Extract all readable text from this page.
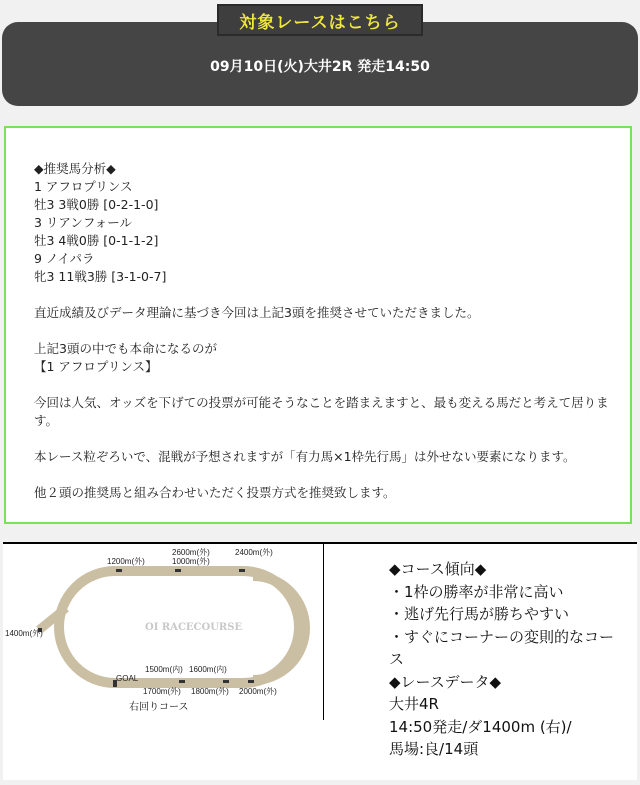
対象レースはこちら
09月10日(火)大井2R 発走14:50
◆推奨馬分析◆
1 アフロプリンス
牡3 3戦0勝 [0-2-1-0]
3 リアンフォール
牡3 4戦0勝 [0-1-1-2]
9 ノイパラ
牝3 11戦3勝 [3-1-0-7]
直近成績及びデータ理論に基づき今回は上記3頭を推奨させていただきました。
上記3頭の中でも本命になるのが
【1 アフロプリンス】
今回は人気、オッズを下げての投票が可能そうなことを踏まえますと、最も変える馬だと考えて居ります。
本レース粒ぞろいで、混戦が予想されますが「有力馬×1枠先行馬」は外せない要素になります。
他２頭の推奨馬と組み合わせいただく投票方式を推奨致します。
1200m(外)
2600m(外)
1000m(外)
2400m(外)
1400m(外)
1500m(内) 1600m(内)
GOAL
1700m(外) 1800m(外) 2000m(外)
OI RACECOURSE
右回りコース
◆コース傾向◆
・1枠の勝率が非常に高い
・逃げ先行馬が勝ちやすい
・すぐにコーナーの変則的なコー
ス
◆レースデータ◆
大井4R
14:50発走/ダ1400m (右)/
馬場:良/14頭
